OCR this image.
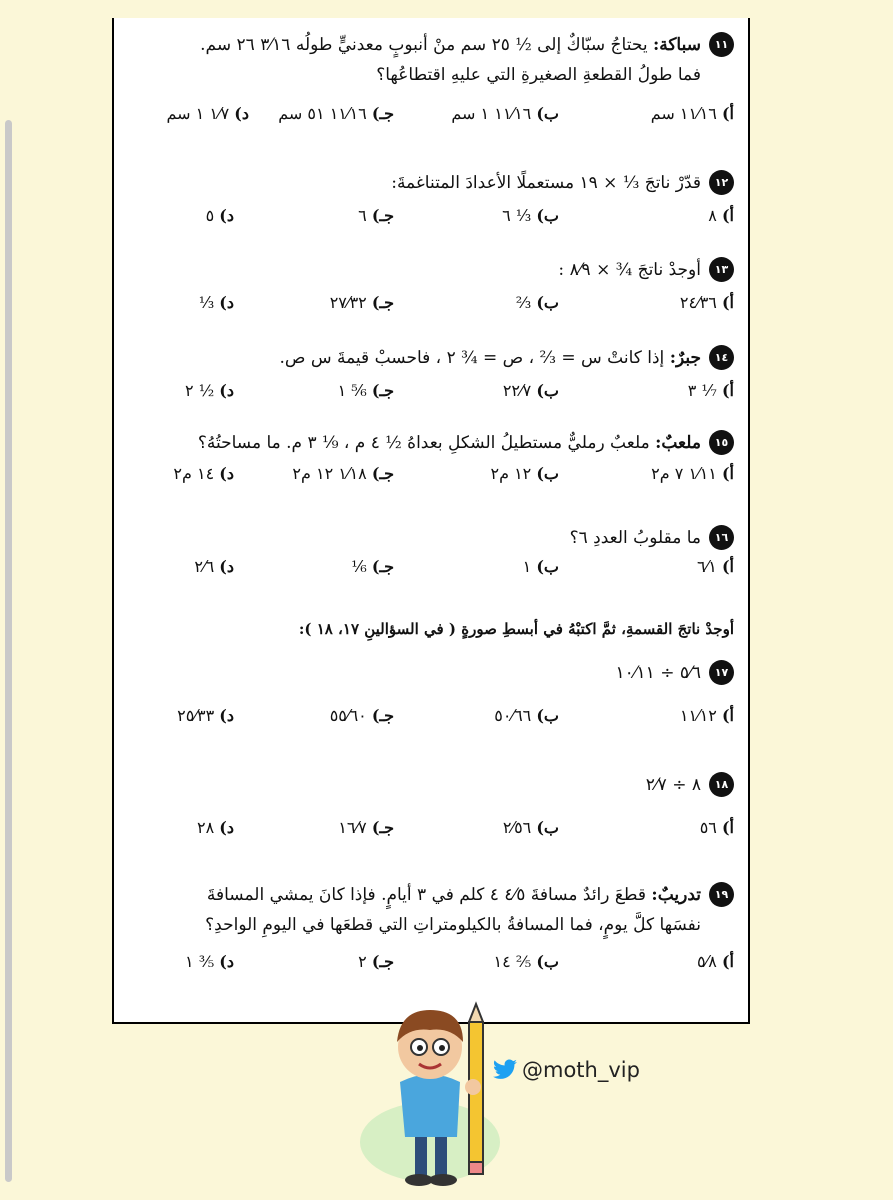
١١
سباكة: يحتاجُ سبّاكٌ إلى ½ ٢٥ سم منْ أنبوبٍ معدنيٍّ طولُه ٣⁄١٦ ٢٦ سم.
فما طولُ القطعةِ الصغيرةِ التي عليهِ اقتطاعُها؟
أ) ١١⁄١٦ سم
ب) ١١⁄١٦ ١ سم
جـ) ١١⁄١٦ ٥١ سم
د) ١⁄٧ ١ سم
١٢
قدّرْ ناتجَ ⅓ × ١٩ مستعملًا الأعدادَ المتناغمةَ:
أ) ٨
ب) ⅓ ٦
جـ) ٦
د) ٥
١٣
أوجدْ ناتجَ ¾ × ٨⁄٩ :
أ) ٢٤⁄٣٦
ب) ⅔
جـ) ٢٧⁄٣٢
د) ⅓
١٤
جبرٌ: إذا كانتْ س = ⅔ ، ص = ¾ ٢ ، فاحسبْ قيمةَ س ص.
أ) ⅐ ٣
ب) ٢٢⁄٧
جـ) ⅚ ١
د) ½ ٢
١٥
ملعبٌ: ملعبٌ رمليٌّ مستطيلُ الشكلِ بعداهُ ½ ٤ م ، ⅑ ٣ م. ما مساحتُهُ؟
أ) ١⁄١١ ٧ م٢
ب) ١٢ م٢
جـ) ١⁄١٨ ١٢ م٢
د) ١٤ م٢
١٦
ما مقلوبُ العددِ ٦؟
أ) ٦⁄١
ب) ١
جـ) ⅙
د) ٢⁄٦
أوجدْ ناتجَ القسمةِ، ثمَّ اكتبْهُ في أبسطِ صورةٍ ( في السؤالينِ ١٧، ١٨ ):
١٧
٥⁄٦ ÷ ١٠⁄١١
أ) ١١⁄١٢
ب) ٥٠⁄٦٦
جـ) ٥٥⁄٦٠
د) ٢٥⁄٣٣
١٨
٨ ÷ ٢⁄٧
أ) ٥٦
ب) ٢⁄٥٦
جـ) ١٦⁄٧
د) ٢٨
١٩
تدريبٌ: قطعَ رائدٌ مسافةَ ٤⁄٥ ٤ كلم في ٣ أيامٍ. فإذا كانَ يمشي المسافةَ
نفسَها كلَّ يومٍ، فما المسافةُ بالكيلومتراتِ التي قطعَها في اليومِ الواحدِ؟
أ) ٥⁄٨
ب) ⅖ ١٤
جـ) ٢
د) ⅗ ١
@moth_vip
